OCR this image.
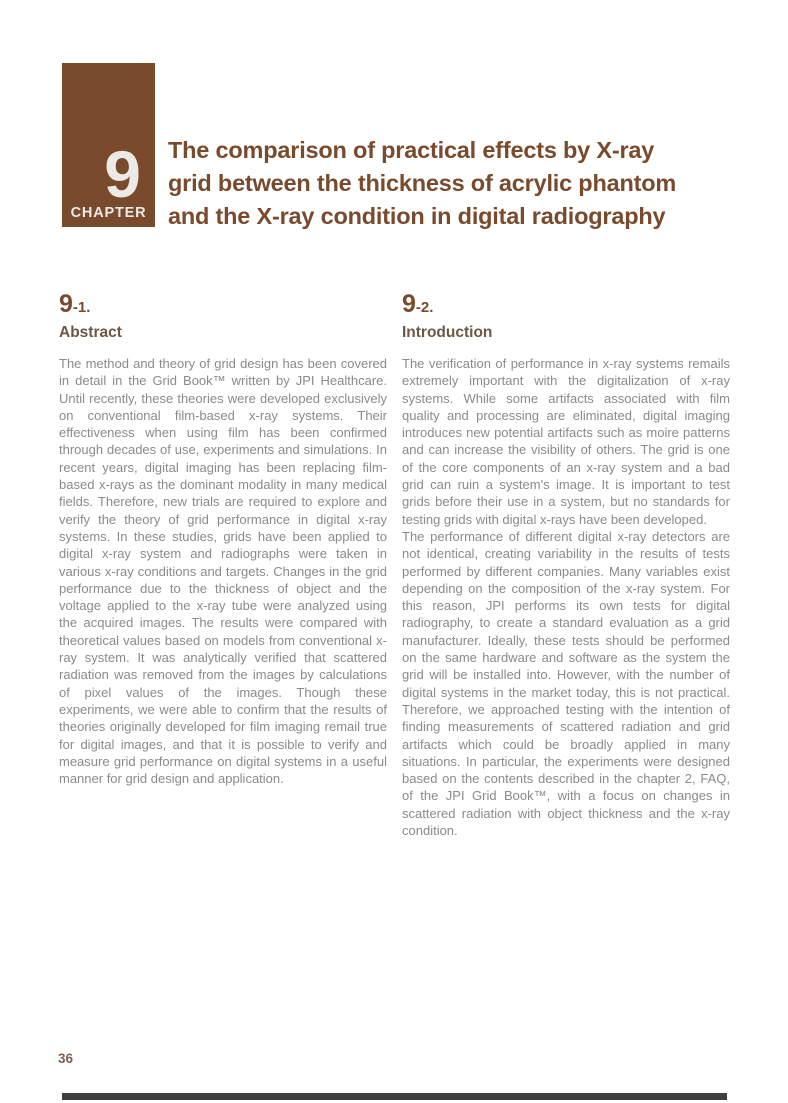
9
CHAPTER
The comparison of practical effects by X-ray
grid between the thickness of acrylic phantom
and the X-ray condition in digital radiography
9-1.
Abstract

The method and theory of grid design has been covered in detail in the Grid Book™ written by JPI Healthcare. Until recently, these theories were developed exclusively on conventional film-based x-ray systems. Their effectiveness when using film has been confirmed through decades of use, experiments and simulations. In recent years, digital imaging has been replacing film-based x-rays as the dominant modality in many medical fields. Therefore, new trials are required to explore and verify the theory of grid performance in digital x-ray systems. In these studies, grids have been applied to digital x-ray system and radiographs were taken in various x-ray conditions and targets. Changes in the grid performance due to the thickness of object and the voltage applied to the x-ray tube were analyzed using the acquired images. The results were compared with theoretical values based on models from conventional x-ray system. It was analytically verified that scattered radiation was removed from the images by calculations of pixel values of the images. Though these experiments, we were able to confirm that the results of theories originally developed for film imaging remail true for digital images, and that it is possible to verify and measure grid performance on digital systems in a useful manner for grid design and application.

9-2.
Introduction

The verification of performance in x-ray systems remails extremely important with the digitalization of x-ray systems. While some artifacts associated with film quality and processing are eliminated, digital imaging introduces new potential artifacts such as moire patterns and can increase the visibility of others. The grid is one of the core components of an x-ray system and a bad grid can ruin a system's image. It is important to test grids before their use in a system, but no standards for testing grids with digital x-rays have been developed.

The performance of different digital x-ray detectors are not identical, creating variability in the results of tests performed by different companies. Many variables exist depending on the composition of the x-ray system. For this reason, JPI performs its own tests for digital radiography, to create a standard evaluation as a grid manufacturer. Ideally, these tests should be performed on the same hardware and software as the system the grid will be installed into. However, with the number of digital systems in the market today, this is not practical. Therefore, we approached testing with the intention of finding measurements of scattered radiation and grid artifacts which could be broadly applied in many situations. In particular, the experiments were designed based on the contents described in the chapter 2, FAQ, of the JPI Grid Book™, with a focus on changes in scattered radiation with object thickness and the x-ray condition.

36
